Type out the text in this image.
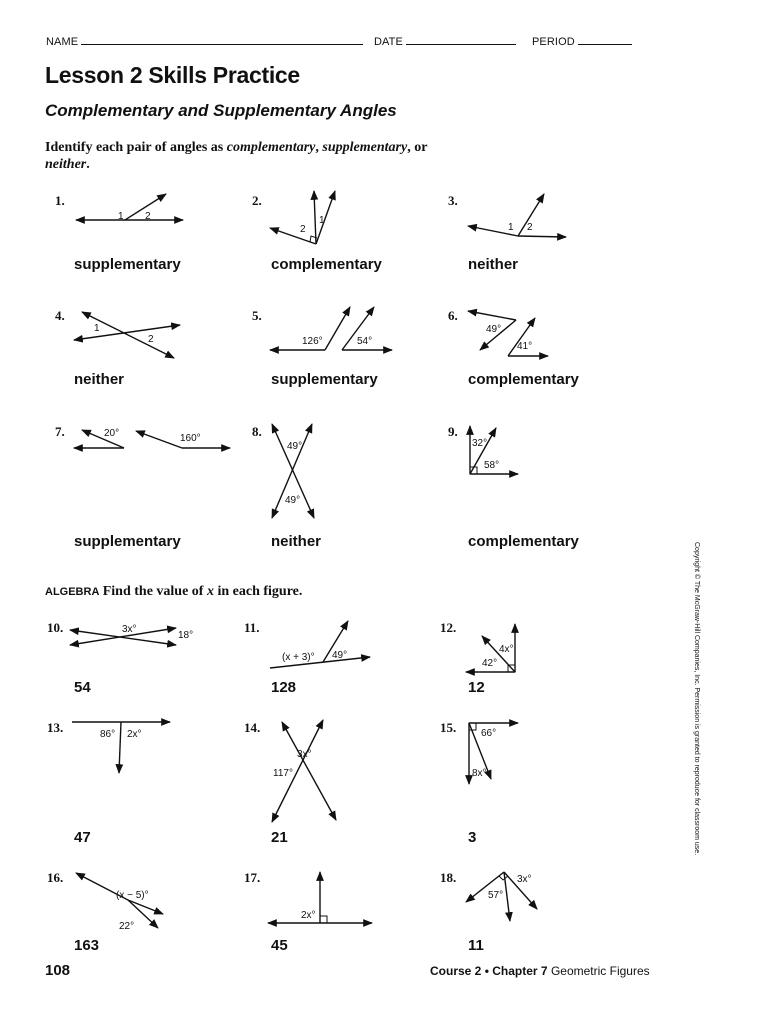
NAME	DATE	PERIOD
Lesson 2 Skills Practice
Complementary and Supplementary Angles
Identify each pair of angles as complementary, supplementary, or
neither.
1.
supplementary
2.
complementary
3.
neither
4.
neither
5.
supplementary
6.
complementary
7.
supplementary
8.
neither
9.
complementary
10.
54
11.
128
12.
12
13.
47
14.
21
15.
3
16.
163
17.
45
18.
11
ALGEBRA Find the value of x in each figure.
1 2
2
1
1 2
1
2	126°	54°
49°
41°
20°	160°
49°
49°
32°
58°
3x°
18°
(x + 3)° 49°
4x°
42°
86° 2x°
3x°
117°
66°
8x°
(x − 5)°
22°
2x°
3x°
57°
108	Course 2 • Chapter 7 Geometric Figures
Copyright © The McGraw-Hill Companies, Inc. Permission is granted to reproduce for classroom use.
